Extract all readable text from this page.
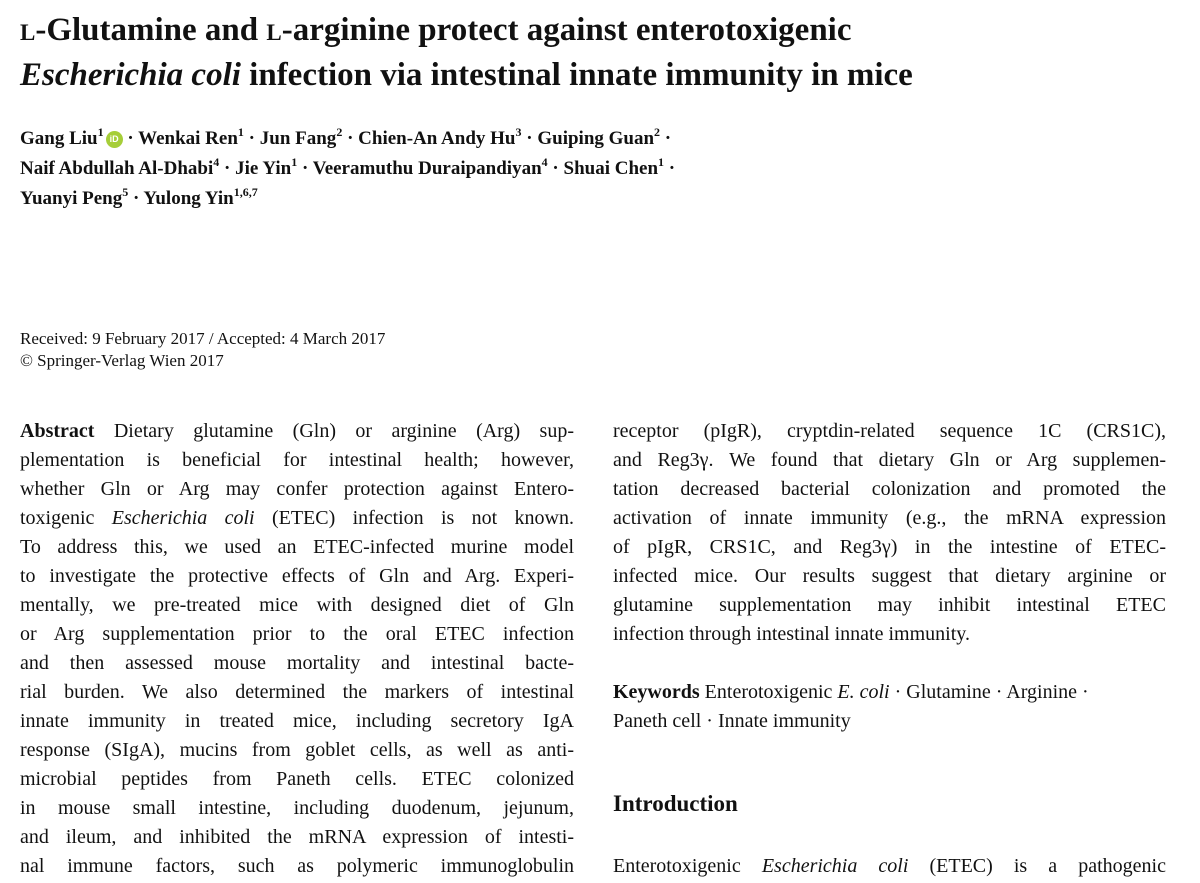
l-Glutamine and l-arginine protect against enterotoxigenic
Escherichia coli infection via intestinal innate immunity in mice
Gang Liu$^1$iD · Wenkai Ren$^1$ · Jun Fang$^2$ · Chien-An Andy $Hu^3$ · Guiping Guan$^2$ ·
Naif Abdullah Al-Dhabi$^4$ · Jie Yin$^1$ · Veeramuthu Duraipandiyan$^4$ · Shuai Chen$^1$ ·
Yuanyi Peng$^5$ · Yulong Yin$^{1,6,7}$
Received: 9 February 2017 / Accepted: 4 March 2017
© Springer-Verlag Wien 2017
Abstract Dietary glutamine (Gln) or arginine (Arg) sup-
plementation is beneficial for intestinal health; however,
whether Gln or Arg may confer protection against Entero-
toxigenic Escherichia coli (ETEC) infection is not known.
To address this, we used an ETEC-infected murine model
to investigate the protective effects of Gln and Arg. Experi-
mentally, we pre-treated mice with designed diet of Gln
or Arg supplementation prior to the oral ETEC infection
and then assessed mouse mortality and intestinal bacte-
rial burden. We also determined the markers of intestinal
innate immunity in treated mice, including secretory IgA
response (SIgA), mucins from goblet cells, as well as anti-
microbial peptides from Paneth cells. ETEC colonized
in mouse small intestine, including duodenum, jejunum,
and ileum, and inhibited the mRNA expression of intesti-
nal immune factors, such as polymeric immunoglobulin
receptor (pIgR), cryptdin-related sequence 1C (CRS1C),
and Reg3γ. We found that dietary Gln or Arg supplemen-
tation decreased bacterial colonization and promoted the
activation of innate immunity (e.g., the mRNA expression
of pIgR, CRS1C, and Reg3γ) in the intestine of ETEC-
infected mice. Our results suggest that dietary arginine or
glutamine supplementation may inhibit intestinal ETEC
infection through intestinal innate immunity.
Keywords Enterotoxigenic E. coli · Glutamine · Arginine ·
Paneth cell · Innate immunity
Introduction
Enterotoxigenic Escherichia coli (ETEC) is a pathogenic
